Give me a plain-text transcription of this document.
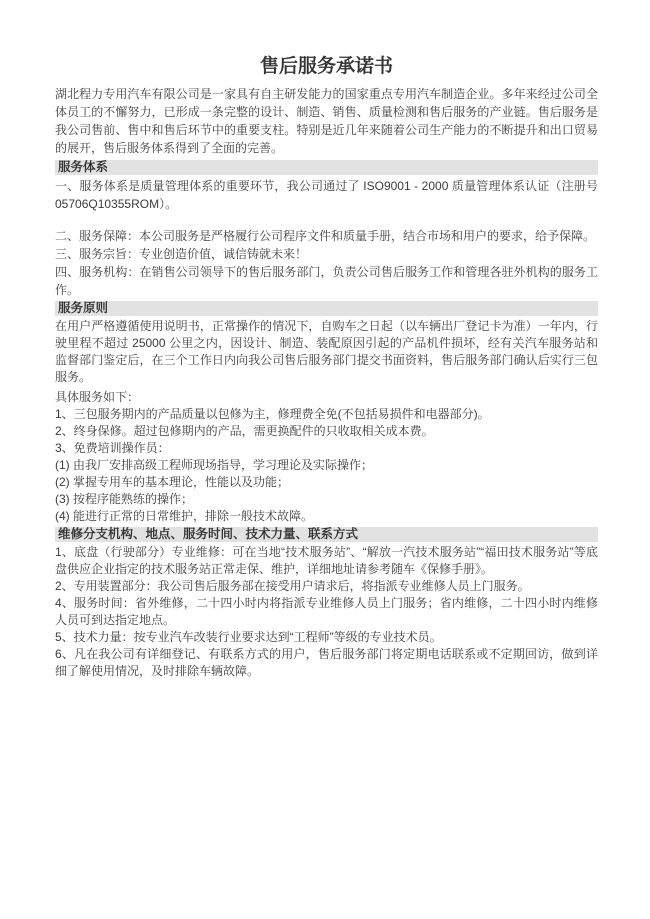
售后服务承诺书

湖北程力专用汽车有限公司是一家具有自主研发能力的国家重点专用汽车制造企业。多年来经过公司全体员工的不懈努力，已形成一条完整的设计、制造、销售、质量检测和售后服务的产业链。售后服务是我公司售前、售中和售后环节中的重要支柱。特别是近几年来随着公司生产能力的不断提升和出口贸易的展开，售后服务体系得到了全面的完善。

服务体系
一、服务体系是质量管理体系的重要环节，我公司通过了 ISO9001 - 2000 质量管理体系认证（注册号 05706Q10355ROM）。
二、服务保障：本公司服务是严格履行公司程序文件和质量手册，结合市场和用户的要求，给予保障。
三、服务宗旨：专业创造价值，诚信铸就未来！
四、服务机构：在销售公司领导下的售后服务部门，负责公司售后服务工作和管理各驻外机构的服务工作。
服务原则

在用户严格遵循使用说明书，正常操作的情况下，自购车之日起（以车辆出厂登记卡为准）一年内，行驶里程不超过 25000 公里之内，因设计、制造、装配原因引起的产品机件损坏，经有关汽车服务站和监督部门鉴定后，在三个工作日内向我公司售后服务部门提交书面资料，售后服务部门确认后实行三包服务。

具体服务如下：
1、三包服务期内的产品质量以包修为主，修理费全免(不包括易损件和电器部分)。
2、终身保修。超过包修期内的产品，需更换配件的只收取相关成本费。
3、免费培训操作员：
(1) 由我厂安排高级工程师现场指导，学习理论及实际操作；
(2) 掌握专用车的基本理论，性能以及功能；
(3) 按程序能熟练的操作；
(4) 能进行正常的日常维护，排除一般技术故障。
维修分支机构、地点、服务时间、技术力量、联系方式
1、底盘（行驶部分）专业维修：可在当地“技术服务站”、“解放一汽技术服务站”“福田技术服务站”等底盘供应企业指定的技术服务站正常走保、维护，详细地址请参考随车《保修手册》。
2、专用装置部分：我公司售后服务部在接受用户请求后，将指派专业维修人员上门服务。
4、服务时间：省外维修，二十四小时内将指派专业维修人员上门服务；省内维修，二十四小时内维修人员可到达指定地点。
5、技术力量：按专业汽车改装行业要求达到“工程师”等级的专业技术员。
6、凡在我公司有详细登记、有联系方式的用户，售后服务部门将定期电话联系或不定期回访，做到详细了解使用情况，及时排除车辆故障。
